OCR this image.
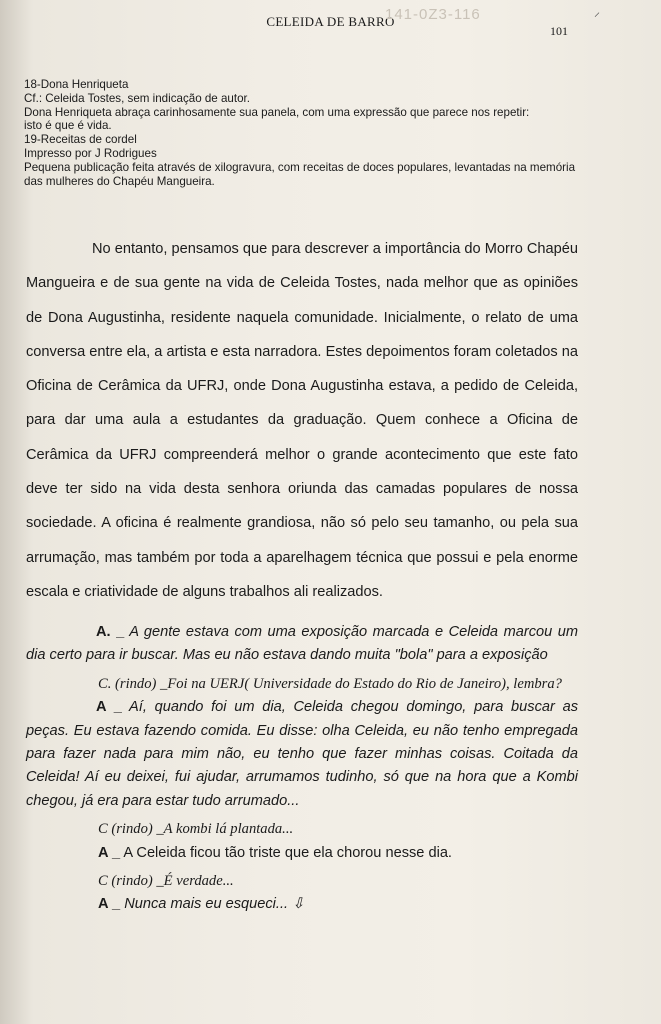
CELEIDA DE BARRO
141-0Z3-116	⸍
101
18-Dona Henriqueta
Cf.: Celeida Tostes, sem indicação de autor.
Dona Henriqueta abraça carinhosamente sua panela, com uma expressão que parece nos repetir:
isto é que é vida.
19-Receitas de cordel
Impresso por J Rodrigues
Pequena publicação feita através de xilogravura, com receitas de doces populares, levantadas na memória das mulheres do Chapéu Mangueira.

No entanto, pensamos que para descrever a importância do Morro Chapéu Mangueira e de sua gente na vida de Celeida Tostes, nada melhor que as opiniões de Dona Augustinha, residente naquela comunidade. Inicialmente, o relato de uma conversa entre ela, a artista e esta narradora. Estes depoimentos foram coletados na Oficina de Cerâmica da UFRJ, onde Dona Augustinha estava, a pedido de Celeida, para dar uma aula a estudantes da graduação. Quem conhece a Oficina de Cerâmica da UFRJ compreenderá melhor o grande acontecimento que este fato deve ter sido na vida desta senhora oriunda das camadas populares de nossa sociedade. A oficina é realmente grandiosa, não só pelo seu tamanho, ou pela sua arrumação, mas também por toda a aparelhagem técnica que possui e pela enorme escala e criatividade de alguns trabalhos ali realizados.

A. _ A gente estava com uma exposição marcada e Celeida marcou um dia certo para ir buscar. Mas eu não estava dando muita "bola" para a exposição
C. (rindo) _Foi na UERJ( Universidade do Estado do Rio de Janeiro), lembra?
A _ Aí, quando foi um dia, Celeida chegou domingo, para buscar as peças. Eu estava fazendo comida. Eu disse: olha Celeida, eu não tenho empregada para fazer nada para mim não, eu tenho que fazer minhas coisas. Coitada da Celeida! Aí eu deixei, fui ajudar, arrumamos tudinho, só que na hora que a Kombi chegou, já era para estar tudo arrumado...
C (rindo) _A kombi lá plantada...
A _ A Celeida ficou tão triste que ela chorou nesse dia.
C (rindo) _É verdade...
A _ Nunca mais eu esqueci... ⇩
